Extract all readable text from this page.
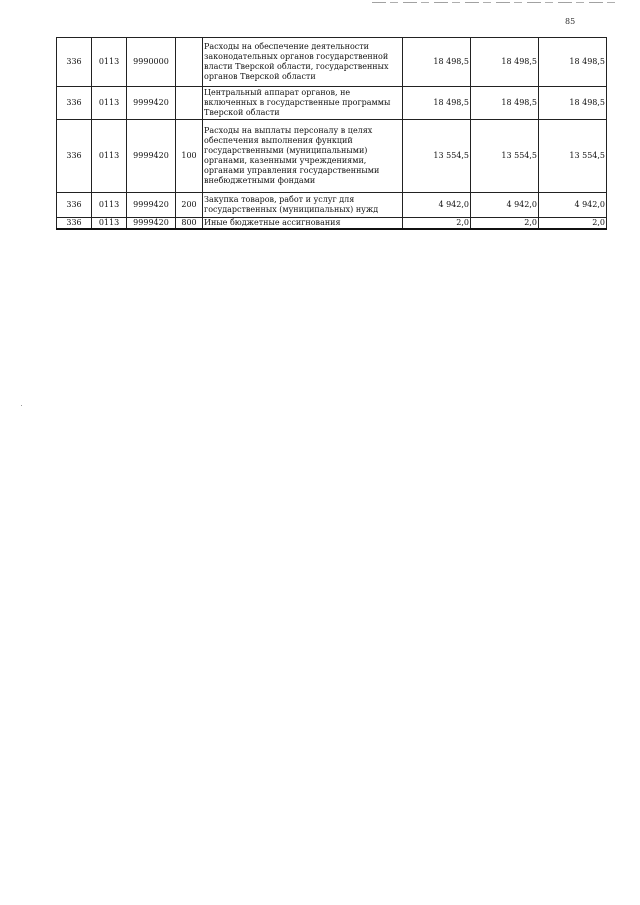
85
336	0113	9990000		Расходы на обеспечение деятельности законодательных органов государственной власти Тверской области, государственных органов Тверской области	18 498,5	18 498,5	18 498,5
336	0113	9999420		Центральный аппарат органов, не включенных в государственные программы Тверской области	18 498,5	18 498,5	18 498,5
336	0113	9999420	100	Расходы на выплаты персоналу в целях обеспечения выполнения функций государственными (муниципальными) органами, казенными учреждениями, органами управления государственными внебюджетными фондами	13 554,5	13 554,5	13 554,5
336	0113	9999420	200	Закупка товаров, работ и услуг для государственных (муниципальных) нужд	4 942,0	4 942,0	4 942,0
336	0113	9999420	800	Иные бюджетные ассигнования	2,0	2,0	2,0
